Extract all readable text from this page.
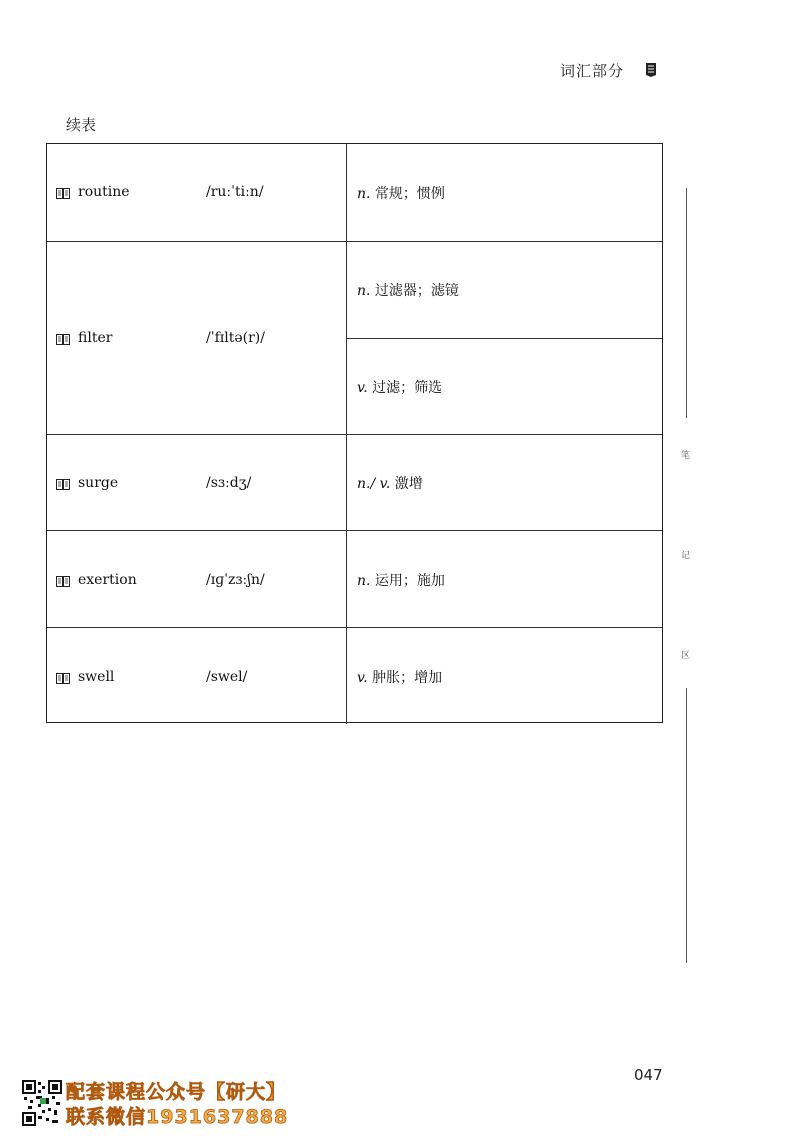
词汇部分
续表
routine	/ruːˈtiːn/	n. 常规；惯例
filter	/ˈfɪltə(r)/
n. 过滤器；滤镜
v. 过滤；筛选
surge	/sɜːdʒ/	n./ v. 激增
exertion	/ɪɡˈzɜːʃn/	n. 运用；施加
swell	/swel/	v. 肿胀；增加
笔
记
区
047
配套课程公众号【研大】
联系微信1931637888
